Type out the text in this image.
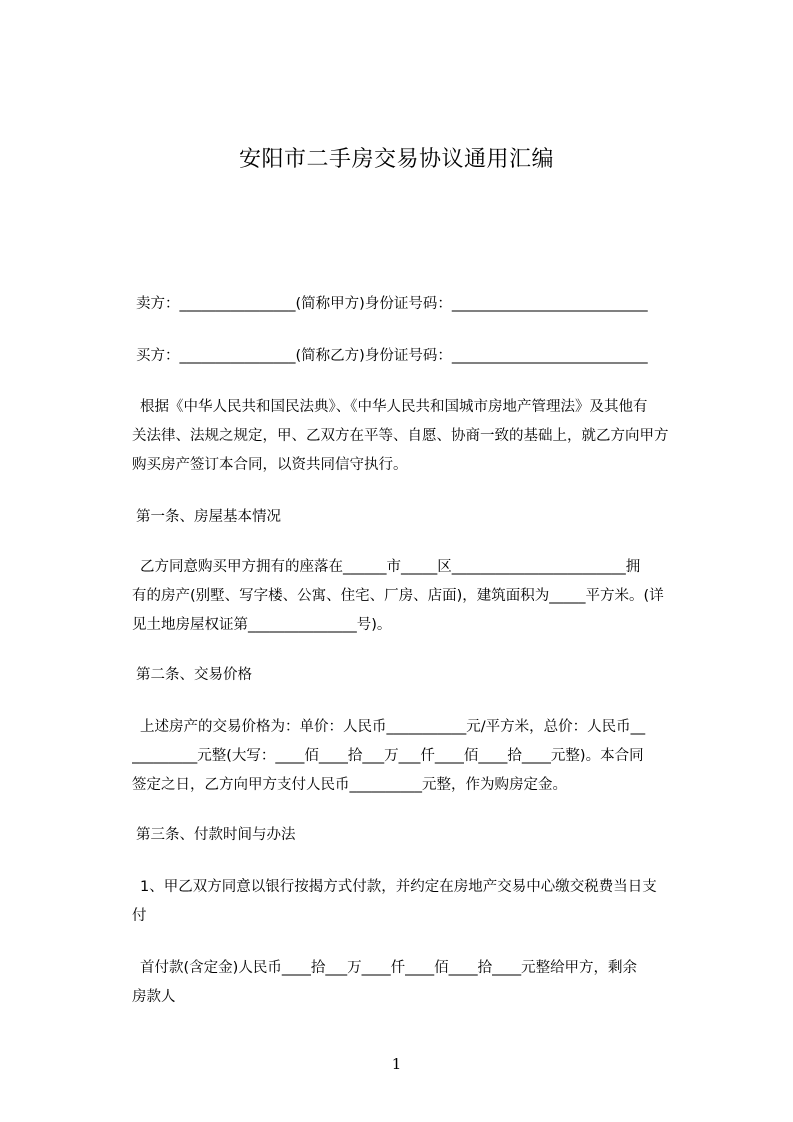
安阳市二手房交易协议通用汇编
卖方：________________(简称甲方)身份证号码：___________________________
买方：________________(简称乙方)身份证号码：___________________________
根据《中华人民共和国民法典》、《中华人民共和国城市房地产管理法》及其他有
关法律、法规之规定，甲、乙双方在平等、自愿、协商一致的基础上，就乙方向甲方
购买房产签订本合同，以资共同信守执行。
第一条、房屋基本情况
乙方同意购买甲方拥有的座落在______市_____区________________________拥
有的房产(别墅、写字楼、公寓、住宅、厂房、店面)，建筑面积为_____平方米。(详
见土地房屋权证第_______________号)。
第二条、交易价格
上述房产的交易价格为：单价：人民币___________元/平方米，总价：人民币__
_________元整(大写：____佰____拾___万___仟____佰____拾____元整)。本合同
签定之日，乙方向甲方支付人民币__________元整，作为购房定金。
第三条、付款时间与办法
1、甲乙双方同意以银行按揭方式付款，并约定在房地产交易中心缴交税费当日支
付
首付款(含定金)人民币____拾___万____仟____佰____拾____元整给甲方，剩余
房款人
1
